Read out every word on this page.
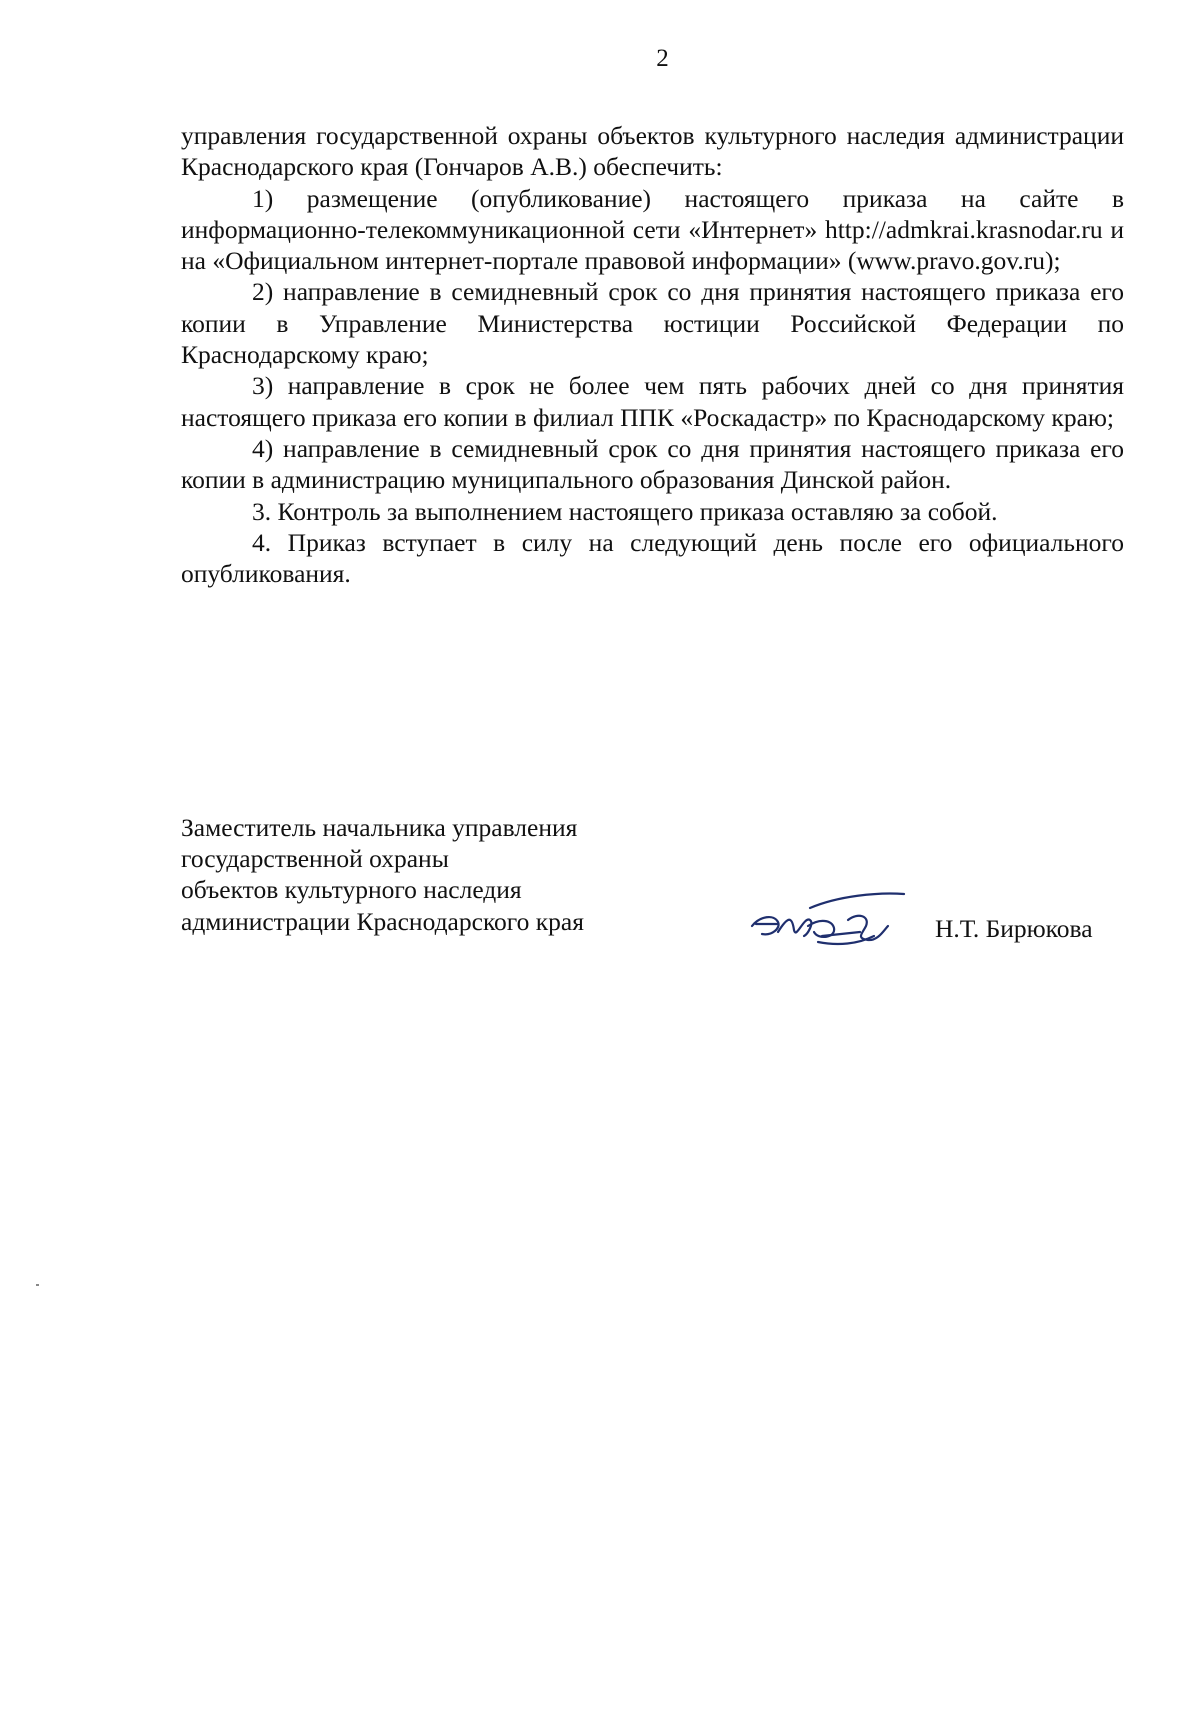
2

управления государственной охраны объектов культурного наследия администрации Краснодарского края (Гончаров А.В.) обеспечить:

1) размещение (опубликование) настоящего приказа на сайте в информационно-телекоммуникационной сети «Интернет» http://admkrai.krasnodar.ru и на «Официальном интернет-портале правовой информации» (www.pravo.gov.ru);

2) направление в семидневный срок со дня принятия настоящего приказа его копии в Управление Министерства юстиции Российской Федерации по Краснодарскому краю;

3) направление в срок не более чем пять рабочих дней со дня принятия настоящего приказа его копии в филиал ППК «Роскадастр» по Краснодарскому краю;

4) направление в семидневный срок со дня принятия настоящего приказа его копии в администрацию муниципального образования Динской район.

3. Контроль за выполнением настоящего приказа оставляю за собой.

4. Приказ вступает в силу на следующий день после его официального опубликования.

Заместитель начальника управления
государственной охраны
объектов культурного наследия
администрации Краснодарского края	Н.Т. Бирюкова
